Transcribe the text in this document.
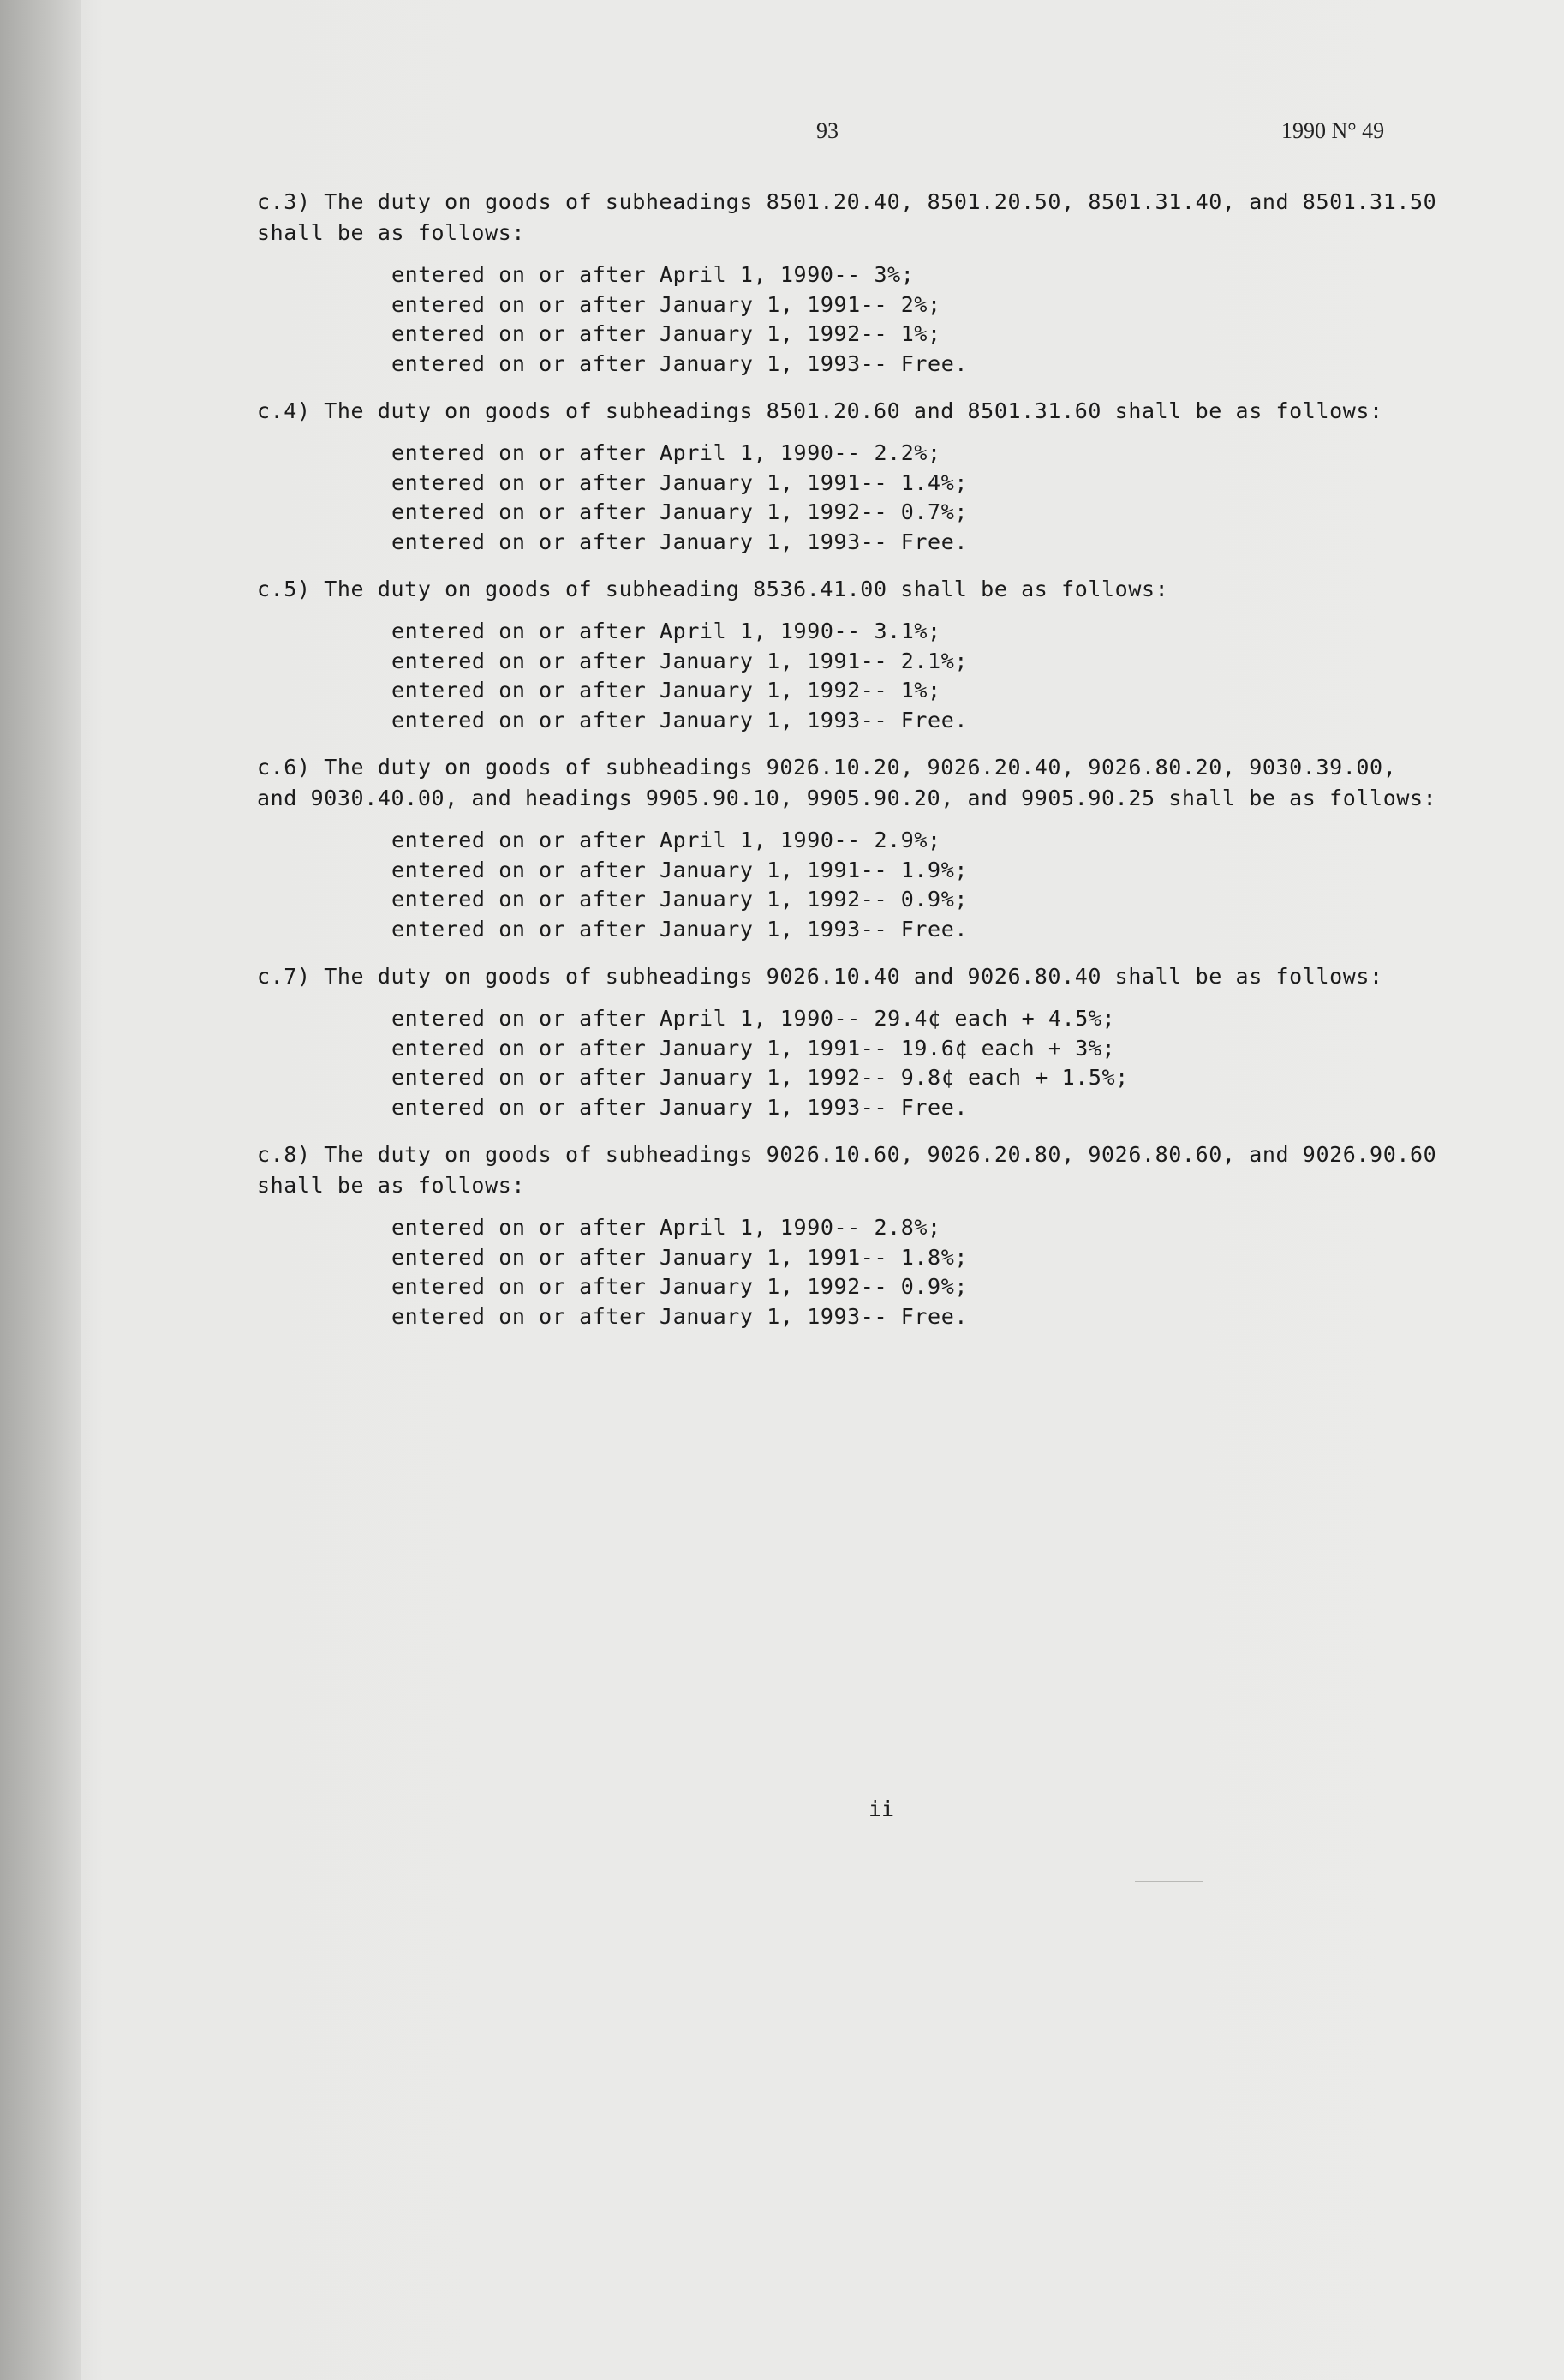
93	1990 N° 49

c.3) The duty on goods of subheadings 8501.20.40, 8501.20.50, 8501.31.40, and 8501.31.50 shall be as follows:

entered on or after April 1, 1990-- 3%;
entered on or after January 1, 1991-- 2%;
entered on or after January 1, 1992-- 1%;
entered on or after January 1, 1993-- Free.

c.4) The duty on goods of subheadings 8501.20.60 and 8501.31.60 shall be as follows:

entered on or after April 1, 1990-- 2.2%;
entered on or after January 1, 1991-- 1.4%;
entered on or after January 1, 1992-- 0.7%;
entered on or after January 1, 1993-- Free.

c.5) The duty on goods of subheading 8536.41.00 shall be as follows:

entered on or after April 1, 1990-- 3.1%;
entered on or after January 1, 1991-- 2.1%;
entered on or after January 1, 1992-- 1%;
entered on or after January 1, 1993-- Free.

c.6) The duty on goods of subheadings 9026.10.20, 9026.20.40, 9026.80.20, 9030.39.00, and 9030.40.00, and headings 9905.90.10, 9905.90.20, and 9905.90.25 shall be as follows:

entered on or after April 1, 1990-- 2.9%;
entered on or after January 1, 1991-- 1.9%;
entered on or after January 1, 1992-- 0.9%;
entered on or after January 1, 1993-- Free.

c.7) The duty on goods of subheadings 9026.10.40 and 9026.80.40 shall be as follows:

entered on or after April 1, 1990-- 29.4¢ each + 4.5%;
entered on or after January 1, 1991-- 19.6¢ each + 3%;
entered on or after January 1, 1992-- 9.8¢ each + 1.5%;
entered on or after January 1, 1993-- Free.

c.8) The duty on goods of subheadings 9026.10.60, 9026.20.80, 9026.80.60, and 9026.90.60 shall be as follows:

entered on or after April 1, 1990-- 2.8%;
entered on or after January 1, 1991-- 1.8%;
entered on or after January 1, 1992-- 0.9%;
entered on or after January 1, 1993-- Free.
ii
